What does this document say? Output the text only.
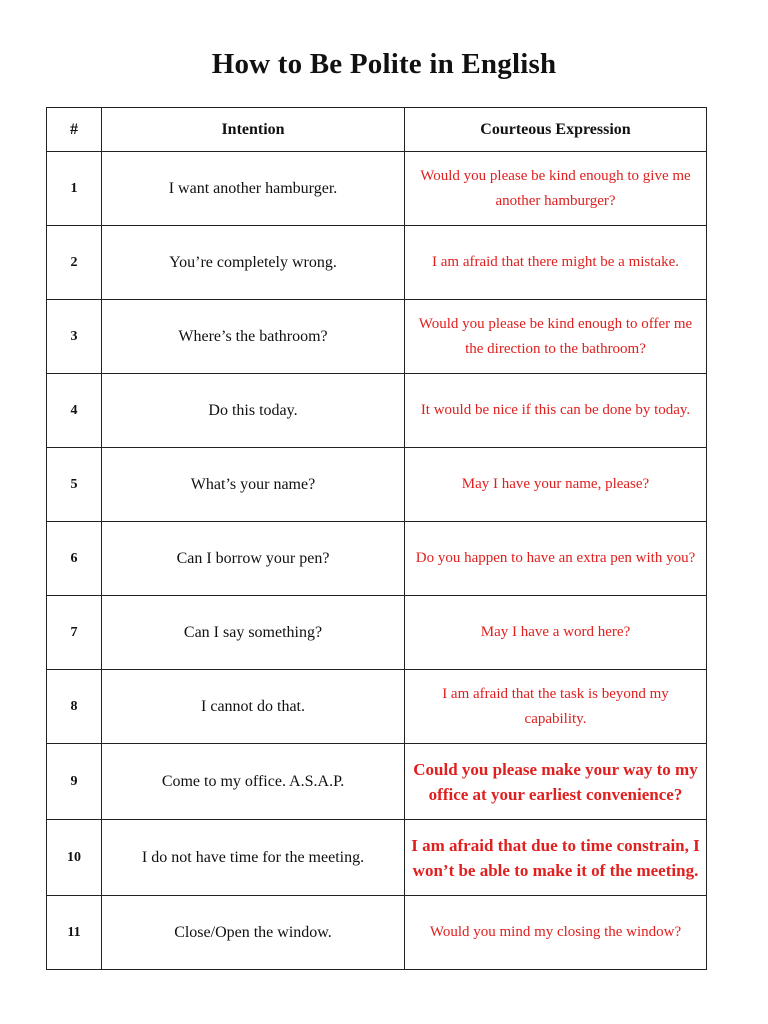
How to Be Polite in English
#	Intention	Courteous Expression
1	I want another hamburger.	Would you please be kind enough to give me another hamburger?
2	You’re completely wrong.	I am afraid that there might be a mistake.
3	Where’s the bathroom?	Would you please be kind enough to offer me the direction to the bathroom?
4	Do this today.	It would be nice if this can be done by today.
5	What’s your name?	May I have your name, please?
6	Can I borrow your pen?	Do you happen to have an extra pen with you?
7	Can I say something?	May I have a word here?
8	I cannot do that.	I am afraid that the task is beyond my capability.
9	Come to my office. A.S.A.P.	Could you please make your way to my office at your earliest convenience?
10	I do not have time for the meeting.	I am afraid that due to time constrain, I won’t be able to make it of the meeting.
11	Close/Open the window.	Would you mind my closing the window?
